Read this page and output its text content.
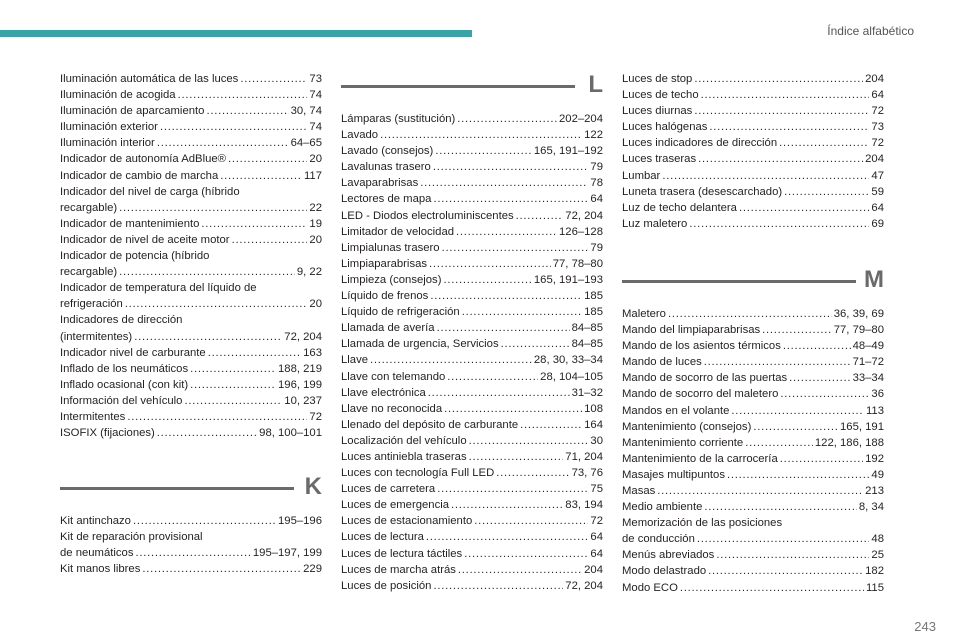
Índice alfabético
Iluminación automática de las luces . . .	73
Iluminación de acogida . . .	74
Iluminación de aparcamiento . . .	30, 74
Iluminación exterior . . .	74
Iluminación interior . . .	64–65
Indicador de autonomía AdBlue® . . .	20
Indicador de cambio de marcha . . .	117
Indicador del nivel de carga (híbrido
recargable) . . .	22
Indicador de mantenimiento . . .	19
Indicador de nivel de aceite motor . . .	20
Indicador de potencia (híbrido
recargable) . . .	9, 22
Indicador de temperatura del líquido de
refrigeración . . .	20
Indicadores de dirección
(intermitentes) . . .	72, 204
Indicador nivel de carburante . . .	163
Inflado de los neumáticos . . .	188, 219
Inflado ocasional (con kit) . . .	196, 199
Información del vehículo . . .	10, 237
Intermitentes . . .	72
ISOFIX (fijaciones) . . .	98, 100–101
K
Kit antinchazo . . .	195–196
Kit de reparación provisional
de neumáticos . . .	195–197, 199
Kit manos libres . . .	229
L
Lámparas (sustitución) . . .	202–204
Lavado . . .	122
Lavado (consejos) . . .	165, 191–192
Lavalunas trasero . . .	79
Lavaparabrisas . . .	78
Lectores de mapa . . .	64
LED - Diodos electroluminiscentes . . .	72, 204
Limitador de velocidad . . .	126–128
Limpialunas trasero . . .	79
Limpiaparabrisas . . .	77, 78–80
Limpieza (consejos) . . .	165, 191–193
Líquido de frenos . . .	185
Líquido de refrigeración . . .	185
Llamada de avería . . .	84–85
Llamada de urgencia, Servicios . . .	84–85
Llave . . .	28, 30, 33–34
Llave con telemando . . .	28, 104–105
Llave electrónica . . .	31–32
Llave no reconocida . . .	108
Llenado del depósito de carburante . . .	164
Localización del vehículo . . .	30
Luces antiniebla traseras . . .	71, 204
Luces con tecnología Full LED . . .	73, 76
Luces de carretera . . .	75
Luces de emergencia . . .	83, 194
Luces de estacionamiento . . .	72
Luces de lectura . . .	64
Luces de lectura táctiles . . .	64
Luces de marcha atrás . . .	204
Luces de posición . . .	72, 204
Luces de stop . . .	204
Luces de techo . . .	64
Luces diurnas . . .	72
Luces halógenas . . .	73
Luces indicadores de dirección . . .	72
Luces traseras . . .	204
Lumbar . . .	47
Luneta trasera (desescarchado) . . .	59
Luz de techo delantera . . .	64
Luz maletero . . .	69
M
Maletero . . .	36, 39, 69
Mando del limpiaparabrisas . . .	77, 79–80
Mando de los asientos térmicos . . .	48–49
Mando de luces . . .	71–72
Mando de socorro de las puertas . . .	33–34
Mando de socorro del maletero . . .	36
Mandos en el volante . . .	113
Mantenimiento (consejos) . . .	165, 191
Mantenimiento corriente . . .	122, 186, 188
Mantenimiento de la carrocería . . .	192
Masajes multipuntos . . .	49
Masas . . .	213
Medio ambiente . . .	8, 34
Memorización de las posiciones
de conducción . . .	48
Menús abreviados . . .	25
Modo delastrado . . .	182
Modo ECO . . .	115
243
